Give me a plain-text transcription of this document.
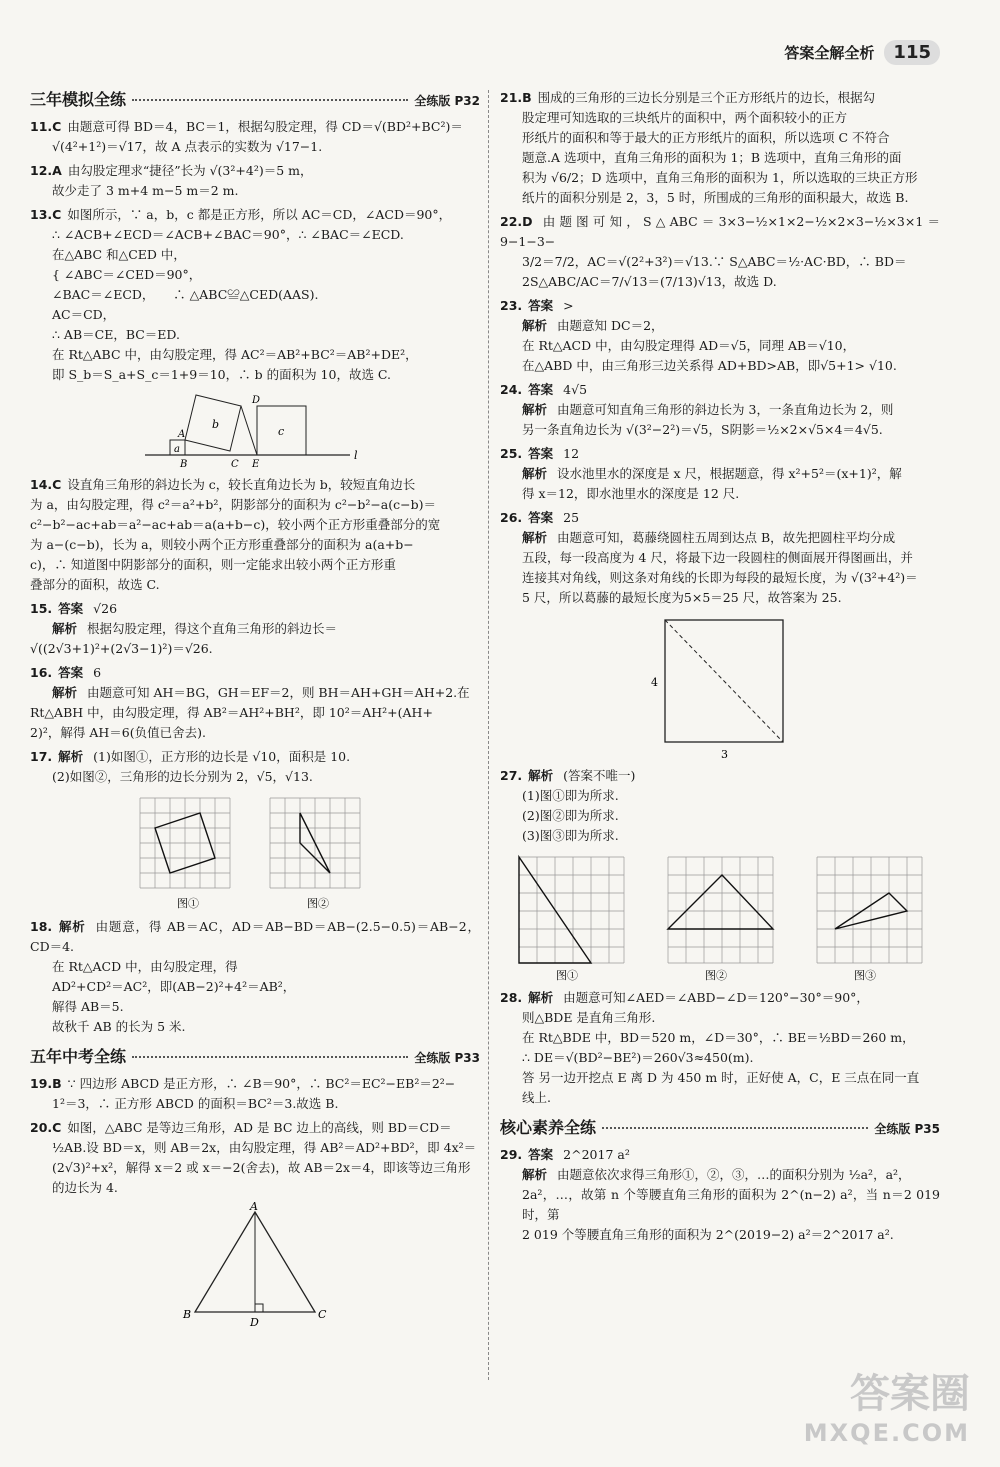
答案全解全析	115
三年模拟全练	全练版 P32

11.C 由题意可得 BD＝4，BC＝1，根据勾股定理，得 CD＝√(BD²+BC²)＝

√(4²+1²)＝√17，故 A 点表示的实数为 √17−1.

12.A 由勾股定理求“捷径”长为 √(3²+4²)＝5 m，

故少走了 3 m+4 m−5 m＝2 m.

13.C 如图所示，∵ a，b，c 都是正方形，所以 AC＝CD，∠ACD＝90°，

∴ ∠ACB+∠ECD＝∠ACB+∠BAC＝90°，∴ ∠BAC＝∠ECD.

在△ABC 和△CED 中，

{ ∠ABC＝∠CED＝90°，

∠BAC＝∠ECD，　　∴ △ABC≌△CED(AAS).

AC＝CD，

∴ AB＝CE，BC＝ED.

在 Rt△ABC 中，由勾股定理，得 AC²＝AB²+BC²＝AB²+DE²，

即 S_b＝S_a+S_c＝1+9＝10，∴ b 的面积为 10，故选 C.

a
b
c
A
B	C
D
E
l

14.C 设直角三角形的斜边长为 c，较长直角边长为 b，较短直角边长

为 a，由勾股定理，得 c²＝a²+b²，阴影部分的面积为 c²−b²−a(c−b)＝

c²−b²−ac+ab＝a²−ac+ab＝a(a+b−c)，较小两个正方形重叠部分的宽

为 a−(c−b)，长为 a，则较小两个正方形重叠部分的面积为 a(a+b−

c)，∴ 知道图中阴影部分的面积，则一定能求出较小两个正方形重

叠部分的面积，故选 C.

15. 答案 √26

解析 根据勾股定理，得这个直角三角形的斜边长＝

√((2√3+1)²+(2√3−1)²)＝√26.

16. 答案 6

解析 由题意可知 AH＝BG，GH＝EF＝2，则 BH＝AH+GH＝AH+2.在

Rt△ABH 中，由勾股定理，得 AB²＝AH²+BH²，即 10²＝AH²+(AH+

2)²，解得 AH＝6(负值已舍去).

17. 解析 (1)如图①，正方形的边长是 √10，面积是 10.

(2)如图②，三角形的边长分别为 2，√5，√13.

图①	图②

18. 解析 由题意，得 AB＝AC，AD＝AB−BD＝AB−(2.5−0.5)＝AB−2，CD＝4.

在 Rt△ACD 中，由勾股定理，得

AD²+CD²＝AC²，即(AB−2)²+4²＝AB²，

解得 AB＝5.

故秋千 AB 的长为 5 米.

五年中考全练	全练版 P33

19.B ∵ 四边形 ABCD 是正方形，∴ ∠B＝90°，∴ BC²＝EC²−EB²＝2²−

1²＝3，∴ 正方形 ABCD 的面积＝BC²＝3.故选 B.

20.C 如图，△ABC 是等边三角形，AD 是 BC 边上的高线，则 BD＝CD＝

½AB.设 BD＝x，则 AB＝2x，由勾股定理，得 AB²＝AD²+BD²，即 4x²＝

(2√3)²+x²，解得 x＝2 或 x＝−2(舍去)，故 AB＝2x＝4，即该等边三角形

的边长为 4.

A
B	C
D

21.B 围成的三角形的三边长分别是三个正方形纸片的边长，根据勾

股定理可知选取的三块纸片的面积中，两个面积较小的正方

形纸片的面积和等于最大的正方形纸片的面积，所以选项 C 不符合

题意.A 选项中，直角三角形的面积为 1；B 选项中，直角三角形的面

积为 √6/2；D 选项中，直角三角形的面积为 1，所以选取的三块正方形

纸片的面积分别是 2，3，5 时，所围成的三角形的面积最大，故选 B.

22.D 由题图可知，S△ABC＝3×3−½×1×2−½×2×3−½×3×1＝9−1−3−

3/2＝7/2，AC＝√(2²+3²)＝√13.∵ S△ABC＝½·AC·BD，∴ BD＝

2S△ABC/AC＝7/√13＝(7/13)√13，故选 D.

23. 答案 >

解析 由题意知 DC＝2，

在 Rt△ACD 中，由勾股定理得 AD＝√5，同理 AB＝√10，

在△ABD 中，由三角形三边关系得 AD+BD>AB，即√5+1> √10.

24. 答案 4√5

解析 由题意可知直角三角形的斜边长为 3，一条直角边长为 2，则

另一条直角边长为 √(3²−2²)＝√5，S阴影＝½×2×√5×4＝4√5.

25. 答案 12

解析 设水池里水的深度是 x 尺，根据题意，得 x²+5²＝(x+1)²，解

得 x＝12，即水池里水的深度是 12 尺.

26. 答案 25

解析 由题意可知，葛藤绕圆柱五周到达点 B，故先把圆柱平均分成

五段，每一段高度为 4 尺，将最下边一段圆柱的侧面展开得图画出，并

连接其对角线，则这条对角线的长即为每段的最短长度，为 √(3²+4²)＝

5 尺，所以葛藤的最短长度为5×5＝25 尺，故答案为 25.

4
3

27. 解析 (答案不唯一)

(1)图①即为所求.

(2)图②即为所求.

(3)图③即为所求.

图①	图②	图③

28. 解析 由题意可知∠AED＝∠ABD−∠D＝120°−30°＝90°，

则△BDE 是直角三角形.

在 Rt△BDE 中，BD＝520 m，∠D＝30°，∴ BE＝½BD＝260 m，

∴ DE＝√(BD²−BE²)＝260√3≈450(m).

答 另一边开挖点 E 离 D 为 450 m 时，正好使 A，C，E 三点在同一直

线上.

核心素养全练	全练版 P35

29. 答案 2^2017 a²

解析 由题意依次求得三角形①，②，③，…的面积分别为 ½a²，a²，

2a²，…，故第 n 个等腰直角三角形的面积为 2^(n−2) a²，当 n＝2 019 时，第

2 019 个等腰直角三角形的面积为 2^(2019−2) a²＝2^2017 a².

答案圈
MXQE.COM
